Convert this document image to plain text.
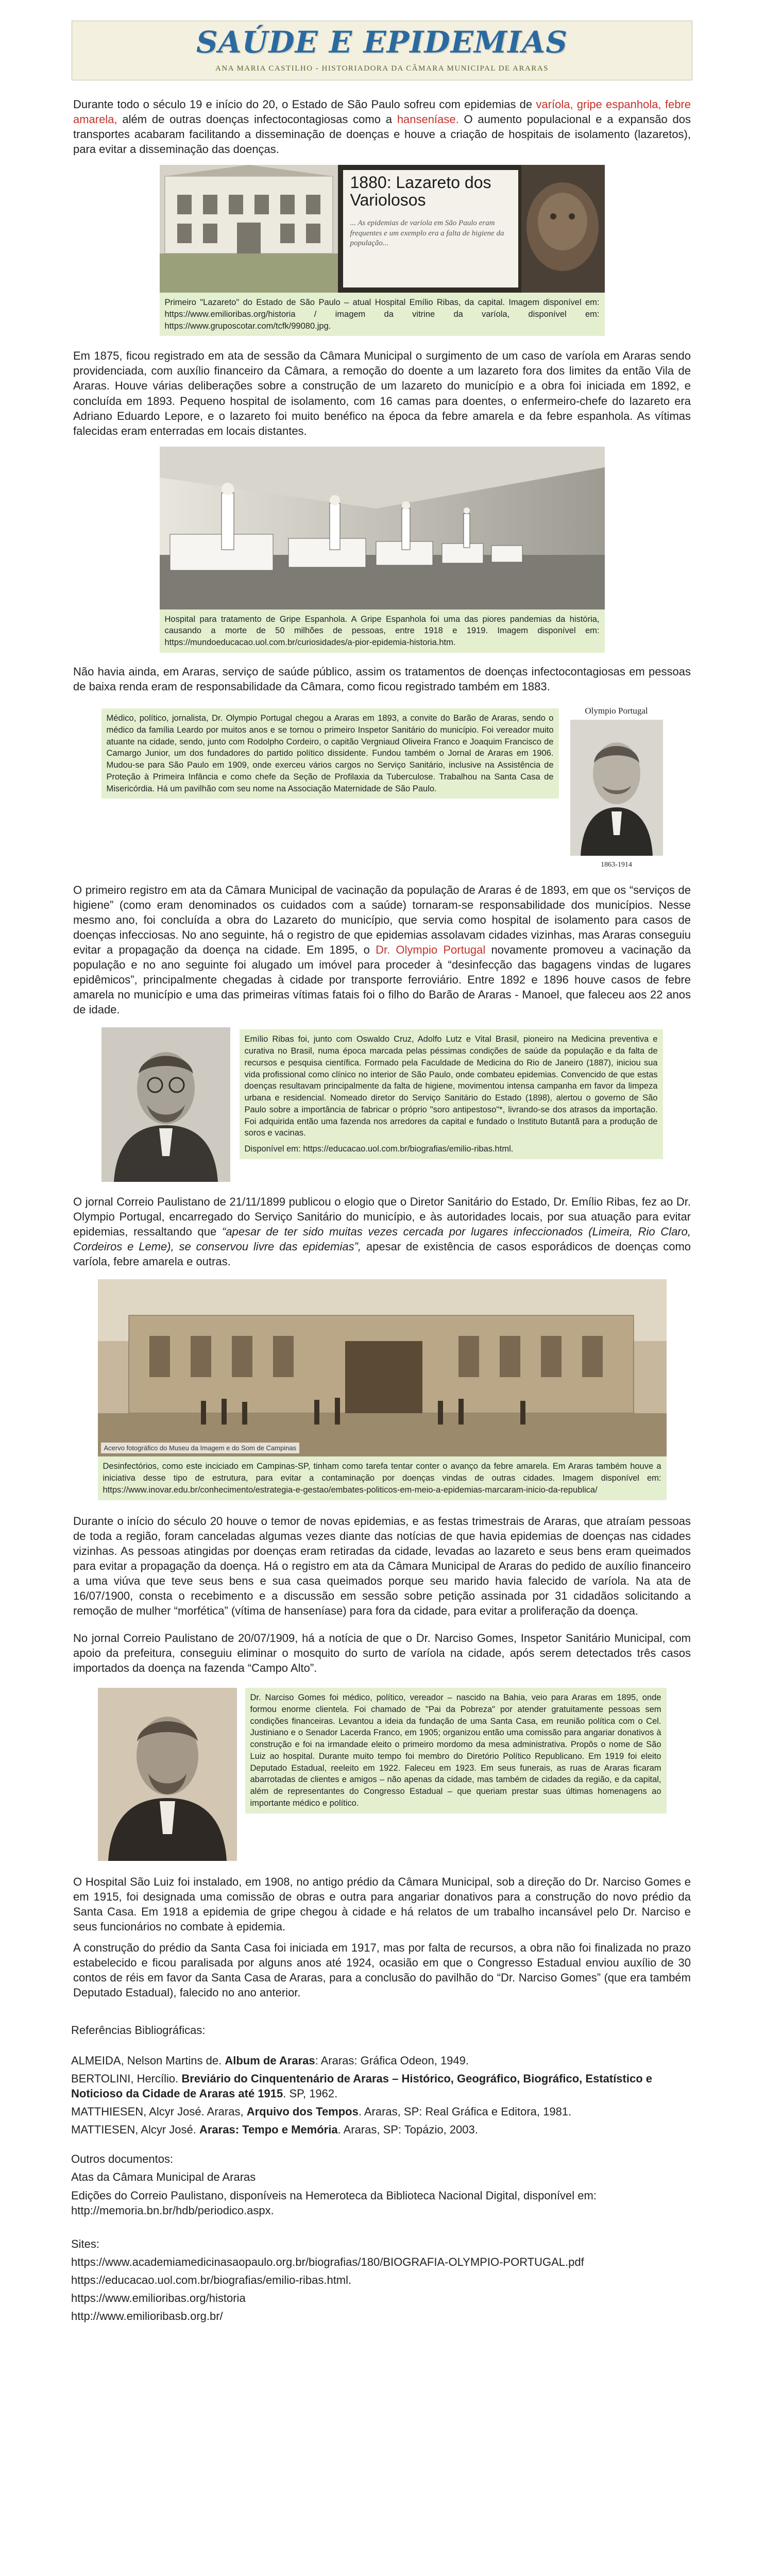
SAÚDE E EPIDEMIAS
ANA MARIA CASTILHO - HISTORIADORA DA CÂMARA MUNICIPAL DE ARARAS

Durante todo o século 19 e início do 20, o Estado de São Paulo sofreu com epidemias de varíola, gripe espanhola, febre amarela, além de outras doenças infectocontagiosas como a hanseníase. O aumento populacional e a expansão dos transportes acabaram facilitando a disseminação de doenças e houve a criação de hospitais de isolamento (lazaretos), para evitar a disseminação das doenças.

1880: Lazareto dos Variolosos
... As epidemias de varíola em São Paulo eram frequentes e um exemplo era a falta de higiene da população...
Primeiro "Lazareto" do Estado de São Paulo – atual Hospital Emílio Ribas, da capital. Imagem disponível em: https://www.emilioribas.org/historia / imagem da vitrine da varíola, disponível em: https://www.gruposcotar.com/tcfk/99080.jpg.

Em 1875, ficou registrado em ata de sessão da Câmara Municipal o surgimento de um caso de varíola em Araras sendo providenciada, com auxílio financeiro da Câmara, a remoção do doente a um lazareto fora dos limites da então Vila de Araras. Houve várias deliberações sobre a construção de um lazareto do município e a obra foi iniciada em 1892, e concluída em 1893. Pequeno hospital de isolamento, com 16 camas para doentes, o enfermeiro-chefe do lazareto era Adriano Eduardo Lepore, e o lazareto foi muito benéfico na época da febre amarela e da febre espanhola. As vítimas falecidas eram enterradas em locais distantes.

Hospital para tratamento de Gripe Espanhola. A Gripe Espanhola foi uma das piores pandemias da história, causando a morte de 50 milhões de pessoas, entre 1918 e 1919. Imagem disponível em: https://mundoeducacao.uol.com.br/curiosidades/a-pior-epidemia-historia.htm.

Não havia ainda, em Araras, serviço de saúde público, assim os tratamentos de doenças infectocontagiosas em pessoas de baixa renda eram de responsabilidade da Câmara, como ficou registrado também em 1883.

Médico, político, jornalista, Dr. Olympio Portugal chegou a Araras em 1893, a convite do Barão de Araras, sendo o médico da família Leardo por muitos anos e se tornou o primeiro Inspetor Sanitário do município. Foi vereador muito atuante na cidade, sendo, junto com Rodolpho Cordeiro, o capitão Vergniaud Oliveira Franco e Joaquim Francisco de Camargo Junior, um dos fundadores do partido político dissidente. Fundou também o Jornal de Araras em 1906. Mudou-se para São Paulo em 1909, onde exerceu vários cargos no Serviço Sanitário, inclusive na Assistência de Proteção à Primeira Infância e como chefe da Seção de Profilaxia da Tuberculose. Trabalhou na Santa Casa de Misericórdia. Há um pavilhão com seu nome na Associação Maternidade de São Paulo.
Olympio Portugal
1863-1914

O primeiro registro em ata da Câmara Municipal de vacinação da população de Araras é de 1893, em que os “serviços de higiene” (como eram denominados os cuidados com a saúde) tornaram-se responsabilidade dos municípios. Nesse mesmo ano, foi concluída a obra do Lazareto do município, que servia como hospital de isolamento para casos de doenças infecciosas. No ano seguinte, há o registro de que epidemias assolavam cidades vizinhas, mas Araras conseguiu evitar a propagação da doença na cidade. Em 1895, o Dr. Olympio Portugal novamente promoveu a vacinação da população e no ano seguinte foi alugado um imóvel para proceder à “desinfecção das bagagens vindas de lugares epidêmicos”, principalmente chegadas à cidade por transporte ferroviário. Entre 1892 e 1896 houve casos de febre amarela no município e uma das primeiras vítimas fatais foi o filho do Barão de Araras - Manoel, que faleceu aos 22 anos de idade.

Emílio Ribas foi, junto com Oswaldo Cruz, Adolfo Lutz e Vital Brasil, pioneiro na Medicina preventiva e curativa no Brasil, numa época marcada pelas péssimas condições de saúde da população e da falta de recursos e pesquisa científica. Formado pela Faculdade de Medicina do Rio de Janeiro (1887), iniciou sua vida profissional como clínico no interior de São Paulo, onde combateu epidemias. Convencido de que estas doenças resultavam principalmente da falta de higiene, movimentou intensa campanha em favor da limpeza urbana e residencial. Nomeado diretor do Serviço Sanitário do Estado (1898), alertou o governo de São Paulo sobre a importância de fabricar o próprio "soro antipestoso"*, livrando-se dos atrasos da importação. Foi adquirida então uma fazenda nos arredores da capital e fundado o Instituto Butantã para a produção de soros e vacinas.
Disponível em: https://educacao.uol.com.br/biografias/emilio-ribas.html.

O jornal Correio Paulistano de 21/11/1899 publicou o elogio que o Diretor Sanitário do Estado, Dr. Emílio Ribas, fez ao Dr. Olympio Portugal, encarregado do Serviço Sanitário do município, e às autoridades locais, por sua atuação para evitar epidemias, ressaltando que “apesar de ter sido muitas vezes cercada por lugares infeccionados (Limeira, Rio Claro, Cordeiros e Leme), se conservou livre das epidemias”, apesar de existência de casos esporádicos de doenças como varíola, febre amarela e outras.

Acervo fotográfico do Museu da Imagem e do Som de Campinas
Desinfectórios, como este inciciado em Campinas-SP, tinham como tarefa tentar conter o avanço da febre amarela. Em Araras também houve a iniciativa desse tipo de estrutura, para evitar a contaminação por doenças vindas de outras cidades. Imagem disponível em: https://www.inovar.edu.br/conhecimento/estrategia-e-gestao/embates-politicos-em-meio-a-epidemias-marcaram-inicio-da-republica/

Durante o início do século 20 houve o temor de novas epidemias, e as festas trimestrais de Araras, que atraíam pessoas de toda a região, foram canceladas algumas vezes diante das notícias de que havia epidemias de doenças nas cidades vizinhas. As pessoas atingidas por doenças eram retiradas da cidade, levadas ao lazareto e seus bens eram queimados para evitar a propagação da doença. Há o registro em ata da Câmara Municipal de Araras do pedido de auxílio financeiro a uma viúva que teve seus bens e sua casa queimados porque seu marido havia falecido de varíola. Na ata de 16/07/1900, consta o recebimento e a discussão em sessão sobre petição assinada por 31 cidadãos solicitando a remoção de mulher “morfética” (vítima de hanseníase) para fora da cidade, para evitar a proliferação da doença.

No jornal Correio Paulistano de 20/07/1909, há a notícia de que o Dr. Narciso Gomes, Inspetor Sanitário Municipal, com apoio da prefeitura, conseguiu eliminar o mosquito do surto de varíola na cidade, após serem detectados três casos importados da doença na fazenda “Campo Alto”.

Dr. Narciso Gomes foi médico, político, vereador – nascido na Bahia, veio para Araras em 1895, onde formou enorme clientela. Foi chamado de "Pai da Pobreza" por atender gratuitamente pessoas sem condições financeiras. Levantou a ideia da fundação de uma Santa Casa, em reunião política com o Cel. Justiniano e o Senador Lacerda Franco, em 1905; organizou então uma comissão para angariar donativos à construção e foi na irmandade eleito o primeiro mordomo da mesa administrativa. Propôs o nome de São Luiz ao hospital. Durante muito tempo foi membro do Diretório Político Republicano. Em 1919 foi eleito Deputado Estadual, reeleito em 1922. Faleceu em 1923. Em seus funerais, as ruas de Araras ficaram abarrotadas de clientes e amigos – não apenas da cidade, mas também de cidades da região, e da capital, além de representantes do Congresso Estadual – que queriam prestar suas últimas homenagens ao importante médico e político.

O Hospital São Luiz foi instalado, em 1908, no antigo prédio da Câmara Municipal, sob a direção do Dr. Narciso Gomes e em 1915, foi designada uma comissão de obras e outra para angariar donativos para a construção do novo prédio da Santa Casa. Em 1918 a epidemia de gripe chegou à cidade e há relatos de um trabalho incansável pelo Dr. Narciso e seus funcionários no combate à epidemia.

A construção do prédio da Santa Casa foi iniciada em 1917, mas por falta de recursos, a obra não foi finalizada no prazo estabelecido e ficou paralisada por alguns anos até 1924, ocasião em que o Congresso Estadual enviou auxílio de 30 contos de réis em favor da Santa Casa de Araras, para a conclusão do pavilhão do “Dr. Narciso Gomes” (que era também Deputado Estadual), falecido no ano anterior.

Referências Bibliográficas:

ALMEIDA, Nelson Martins de. Album de Araras: Araras: Gráfica Odeon, 1949.

BERTOLINI, Hercílio. Breviário do Cinquentenário de Araras – Histórico, Geográfico, Biográfico, Estatístico e Noticioso da Cidade de Araras até 1915. SP, 1962.

MATTHIESEN, Alcyr José. Araras, Arquivo dos Tempos. Araras, SP: Real Gráfica e Editora, 1981.

MATTIESEN, Alcyr José. Araras: Tempo e Memória. Araras, SP: Topázio, 2003.

Outros documentos:

Atas da Câmara Municipal de Araras

Edições do Correio Paulistano, disponíveis na Hemeroteca da Biblioteca Nacional Digital, disponível em: http://memoria.bn.br/hdb/periodico.aspx.

Sites:

https://www.academiamedicinasaopaulo.org.br/biografias/180/BIOGRAFIA-OLYMPIO-PORTUGAL.pdf

https://educacao.uol.com.br/biografias/emilio-ribas.html.

https://www.emilioribas.org/historia

http://www.emilioribasb.org.br/
